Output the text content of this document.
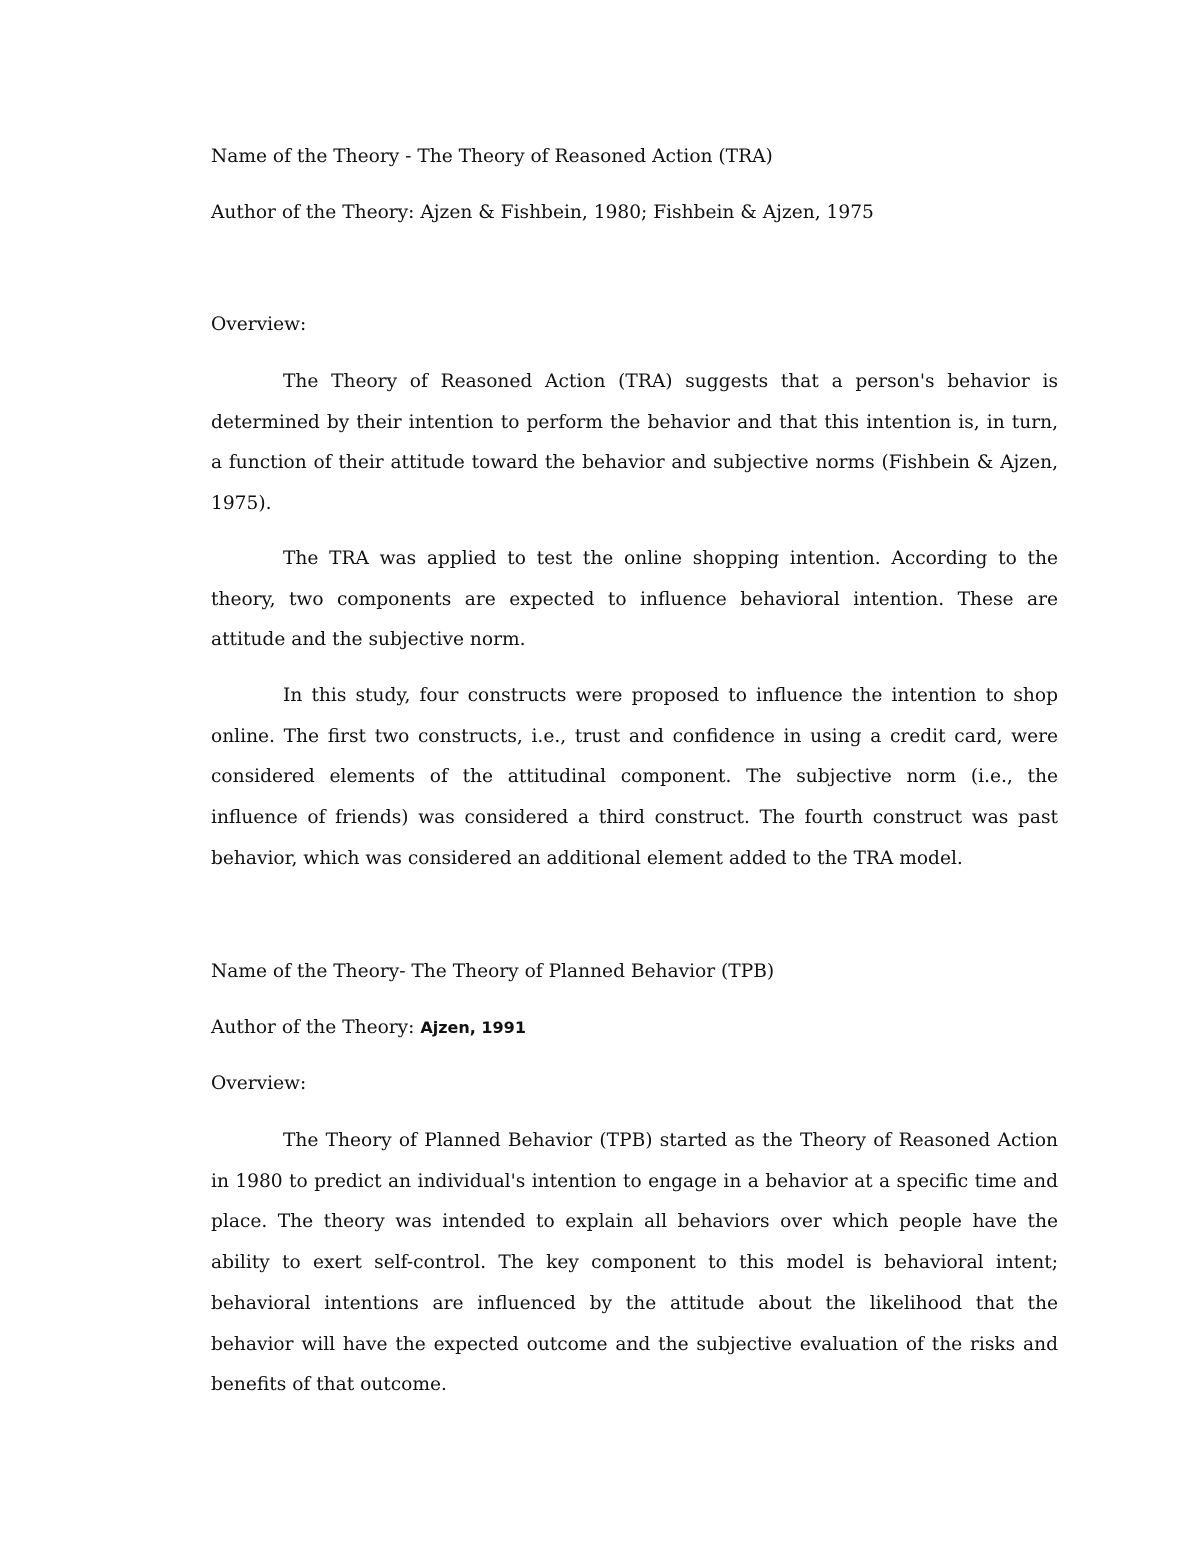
Name of the Theory - The Theory of Reasoned Action (TRA)

Author of the Theory: Ajzen & Fishbein, 1980; Fishbein & Ajzen, 1975

Overview:

The Theory of Reasoned Action (TRA) suggests that a person's behavior is determined by their intention to perform the behavior and that this intention is, in turn, a function of their attitude toward the behavior and subjective norms (Fishbein & Ajzen, 1975).

The TRA was applied to test the online shopping intention. According to the theory, two components are expected to influence behavioral intention. These are attitude and the subjective norm.

In this study, four constructs were proposed to influence the intention to shop online. The first two constructs, i.e., trust and confidence in using a credit card, were considered elements of the attitudinal component. The subjective norm (i.e., the influence of friends) was considered a third construct. The fourth construct was past behavior, which was considered an additional element added to the TRA model.

Name of the Theory- The Theory of Planned Behavior (TPB)

Author of the Theory: Ajzen, 1991

Overview:

The Theory of Planned Behavior (TPB) started as the Theory of Reasoned Action in 1980 to predict an individual's intention to engage in a behavior at a specific time and place. The theory was intended to explain all behaviors over which people have the ability to exert self-control. The key component to this model is behavioral intent; behavioral intentions are influenced by the attitude about the likelihood that the behavior will have the expected outcome and the subjective evaluation of the risks and benefits of that outcome.
